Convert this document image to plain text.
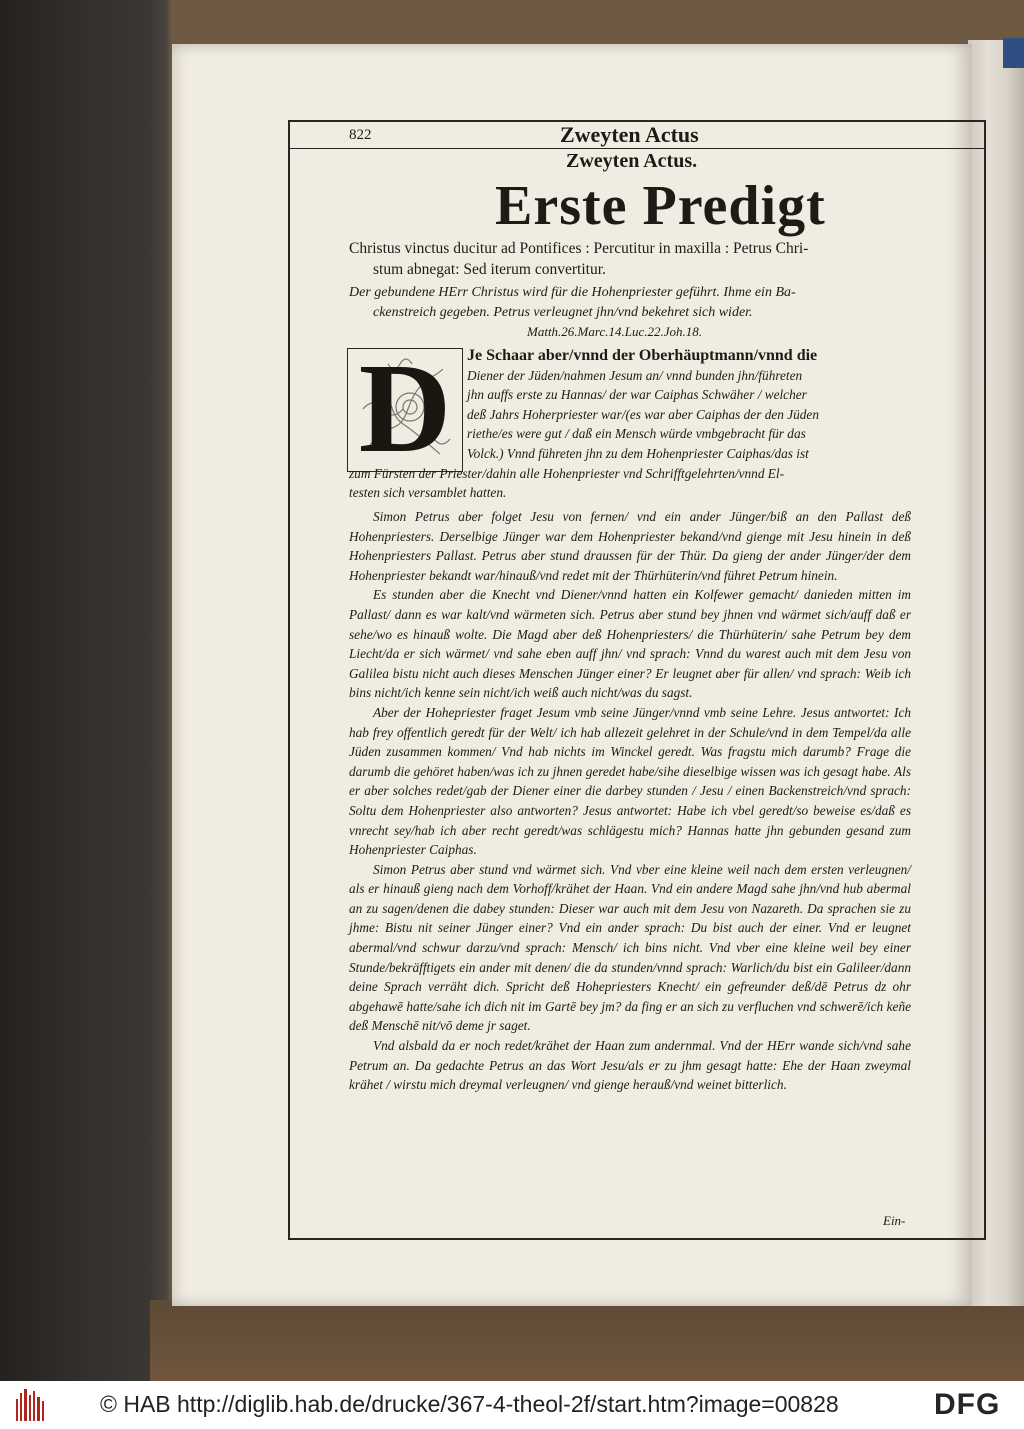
822	Zweyten Actus
Zweyten Actus.
Erste Predigt
Christus vinctus ducitur ad Pontifices : Percutitur in maxilla : Petrus Chri-
stum abnegat: Sed iterum convertitur.
Der gebundene HErr Christus wird für die Hohenpriester geführt. Ihme ein Ba-
ckenstreich gegeben. Petrus verleugnet jhn/vnd bekehret sich wider.
Matth.26.Marc.14.Luc.22.Joh.18.
D Je Schaar aber/vnnd der Oberhäuptmann/vnnd die
Diener der Jüden/nahmen Jesum an/ vnnd bunden jhn/führeten
jhn auffs erste zu Hannas/ der war Caiphas Schwäher / welcher
deß Jahrs Hoherpriester war/(es war aber Caiphas der den Jüden
riethe/es were gut / daß ein Mensch würde vmbgebracht für das
Volck.) Vnnd führeten jhn zu dem Hohenpriester Caiphas/das ist
zum Fürsten der Priester/dahin alle Hohenpriester vnd Schrifftgelehrten/vnnd El-
testen sich versamblet hatten.

Simon Petrus aber folget Jesu von fernen/ vnd ein ander Jünger/biß an den Pallast deß Hohenpriesters. Derselbige Jünger war dem Hohenpriester bekand/vnd gienge mit Jesu hinein in deß Hohenpriesters Pallast. Petrus aber stund draussen für der Thür. Da gieng der ander Jünger/der dem Hohenpriester bekandt war/hinauß/vnd redet mit der Thürhüterin/vnd führet Petrum hinein.

Es stunden aber die Knecht vnd Diener/vnnd hatten ein Kolfewer gemacht/ danieden mitten im Pallast/ dann es war kalt/vnd wärmeten sich. Petrus aber stund bey jhnen vnd wärmet sich/auff daß er sehe/wo es hinauß wolte. Die Magd aber deß Hohenpriesters/ die Thürhüterin/ sahe Petrum bey dem Liecht/da er sich wärmet/ vnd sahe eben auff jhn/ vnd sprach: Vnnd du warest auch mit dem Jesu von Galilea bistu nicht auch dieses Menschen Jünger einer? Er leugnet aber für allen/ vnd sprach: Weib ich bins nicht/ich kenne sein nicht/ich weiß auch nicht/was du sagst.

Aber der Hohepriester fraget Jesum vmb seine Jünger/vnnd vmb seine Lehre. Jesus antwortet: Ich hab frey offentlich geredt für der Welt/ ich hab allezeit gelehret in der Schule/vnd in dem Tempel/da alle Jüden zusammen kommen/ Vnd hab nichts im Winckel geredt. Was fragstu mich darumb? Frage die darumb die gehöret haben/was ich zu jhnen geredet habe/sihe dieselbige wissen was ich gesagt habe. Als er aber solches redet/gab der Diener einer die darbey stunden / Jesu / einen Backenstreich/vnd sprach: Soltu dem Hohenpriester also antworten? Jesus antwortet: Habe ich vbel geredt/so beweise es/daß es vnrecht sey/hab ich aber recht geredt/was schlägestu mich? Hannas hatte jhn gebunden gesand zum Hohenpriester Caiphas.

Simon Petrus aber stund vnd wärmet sich. Vnd vber eine kleine weil nach dem ersten verleugnen/ als er hinauß gieng nach dem Vorhoff/krähet der Haan. Vnd ein andere Magd sahe jhn/vnd hub abermal an zu sagen/denen die dabey stunden: Dieser war auch mit dem Jesu von Nazareth. Da sprachen sie zu jhme: Bistu nit seiner Jünger einer? Vnd ein ander sprach: Du bist auch der einer. Vnd er leugnet abermal/vnd schwur darzu/vnd sprach: Mensch/ ich bins nicht. Vnd vber eine kleine weil bey einer Stunde/bekräfftigets ein ander mit denen/ die da stunden/vnnd sprach: Warlich/du bist ein Galileer/dann deine Sprach verräht dich. Spricht deß Hohepriesters Knecht/ ein gefreunder deß/dē Petrus dz ohr abgehawē hatte/sahe ich dich nit im Gartē bey jm? da fing er an sich zu verfluchen vnd schwerē/ich keñe deß Menschē nit/vō deme jr saget.

Vnd alsbald da er noch redet/krähet der Haan zum andernmal. Vnd der HErr wande sich/vnd sahe Petrum an. Da gedachte Petrus an das Wort Jesu/als er zu jhm gesagt hatte: Ehe der Haan zweymal krähet / wirstu mich dreymal verleugnen/ vnd gienge herauß/vnd weinet bitterlich.

Ein-
© HAB http://diglib.hab.de/drucke/367-4-theol-2f/start.htm?image=00828	DFG
